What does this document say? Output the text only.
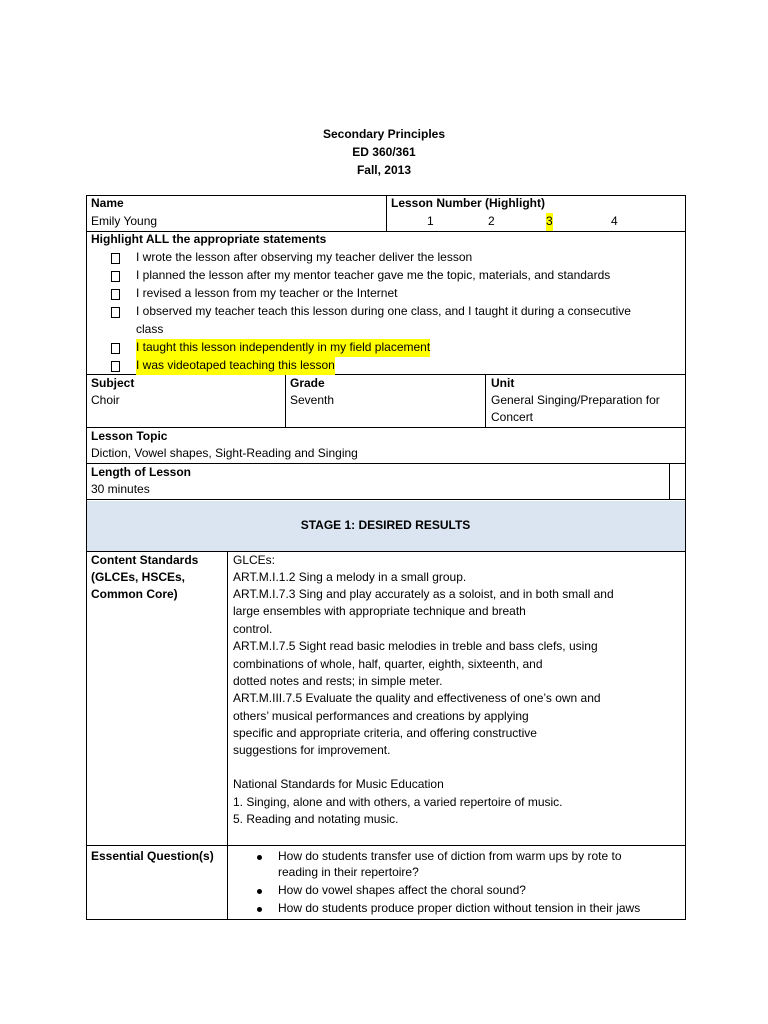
Secondary Principles
ED 360/361
Fall, 2013
Name
Emily Young
Lesson Number (Highlight)
1	2	3	4
Highlight ALL the appropriate statements
I wrote the lesson after observing my teacher deliver the lesson
I planned the lesson after my mentor teacher gave me the topic, materials, and standards
I revised a lesson from my teacher or the Internet
I observed my teacher teach this lesson during one class, and I taught it during a consecutive
class
I taught this lesson independently in my field placement
I was videotaped teaching this lesson
Subject
Choir
Grade
Seventh
Unit
General Singing/Preparation for
Concert
Lesson Topic
Diction, Vowel shapes, Sight-Reading and Singing
Length of Lesson
30 minutes
STAGE 1: DESIRED RESULTS
Content Standards
(GLCEs, HSCEs,
Common Core)
GLCEs:
ART.M.I.1.2 Sing a melody in a small group.
ART.M.I.7.3 Sing and play accurately as a soloist, and in both small and
large ensembles with appropriate technique and breath
control.
ART.M.I.7.5 Sight read basic melodies in treble and bass clefs, using
combinations of whole, half, quarter, eighth, sixteenth, and
dotted notes and rests; in simple meter.
ART.M.III.7.5 Evaluate the quality and effectiveness of one’s own and
others’ musical performances and creations by applying
specific and appropriate criteria, and offering constructive
suggestions for improvement.
National Standards for Music Education
1. Singing, alone and with others, a varied repertoire of music.
5. Reading and notating music.
Essential Question(s)	How do students transfer use of diction from warm ups by rote to
reading in their repertoire?
How do vowel shapes affect the choral sound?
How do students produce proper diction without tension in their jaws
